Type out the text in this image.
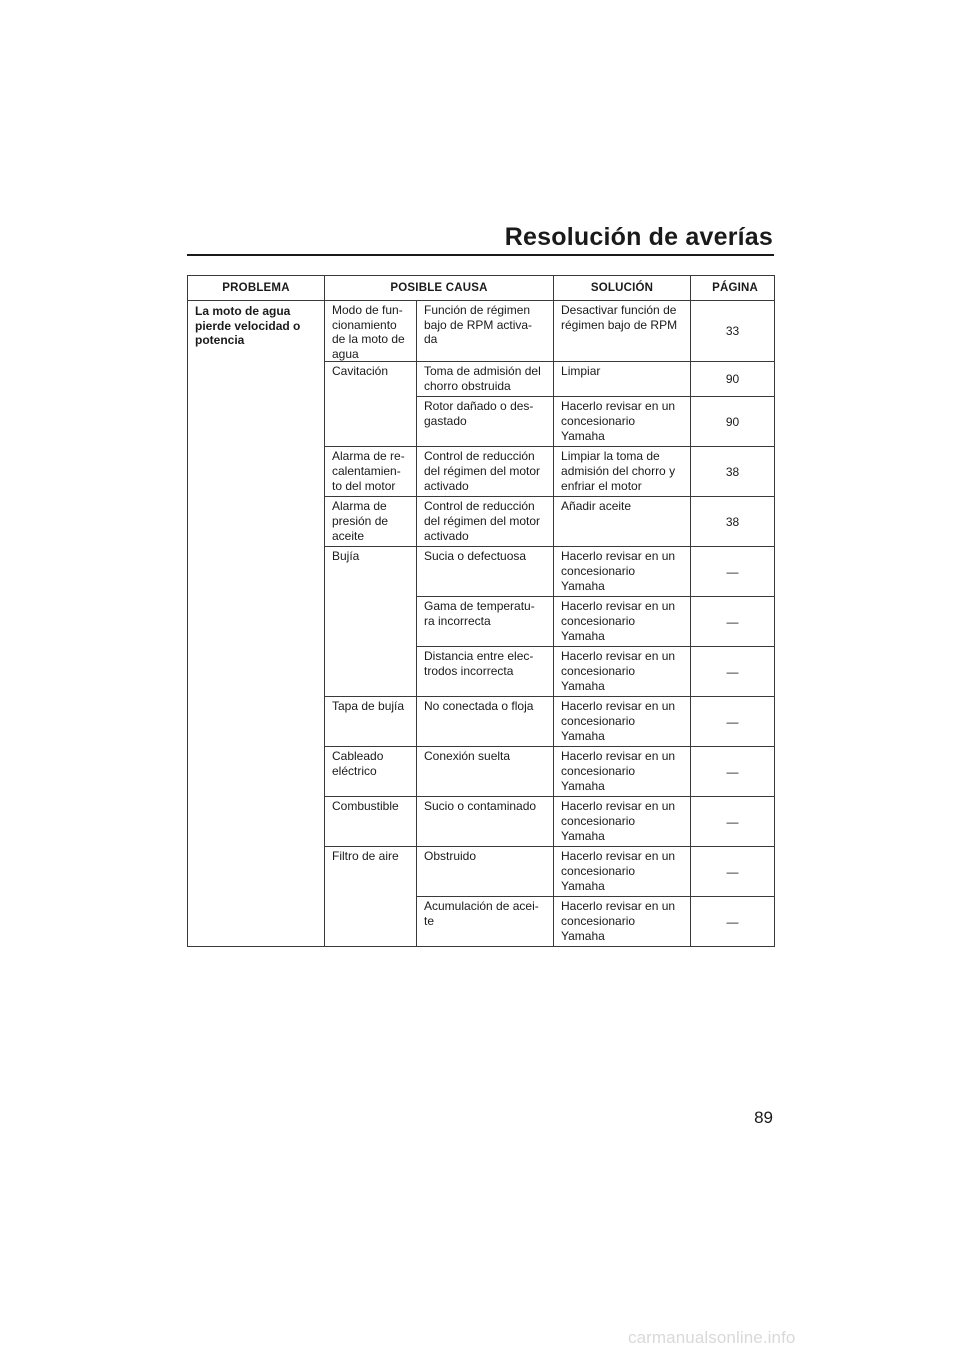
Resolución de averías
PROBLEMA	POSIBLE CAUSA		SOLUCIÓN	PÁGINA

La moto de agua
pierde velocidad o
potencia	Modo de fun-
cionamiento
de la moto de
agua	Función de régimen
bajo de RPM activa-
da	Desactivar función de
régimen bajo de RPM	33

	Cavitación	Toma de admisión del
chorro obstruida	Limpiar	90

		Rotor dañado o des-
gastado	Hacerlo revisar en un
concesionario
Yamaha	90

	Alarma de re-
calentamien-
to del motor	Control de reducción
del régimen del motor
activado	Limpiar la toma de
admisión del chorro y
enfriar el motor	38

	Alarma de
presión de
aceite	Control de reducción
del régimen del motor
activado	Añadir aceite	38

	Bujía	Sucia o defectuosa	Hacerlo revisar en un
concesionario
Yamaha	—

		Gama de temperatu-
ra incorrecta	Hacerlo revisar en un
concesionario
Yamaha	—

		Distancia entre elec-
trodos incorrecta	Hacerlo revisar en un
concesionario
Yamaha	—

	Tapa de bujía	No conectada o floja	Hacerlo revisar en un
concesionario
Yamaha	—

	Cableado
eléctrico	Conexión suelta	Hacerlo revisar en un
concesionario
Yamaha	—

	Combustible	Sucio o contaminado	Hacerlo revisar en un
concesionario
Yamaha	—

	Filtro de aire	Obstruido	Hacerlo revisar en un
concesionario
Yamaha	—

		Acumulación de acei-
te	Hacerlo revisar en un
concesionario
Yamaha	—
89
carmanualsonline.info
